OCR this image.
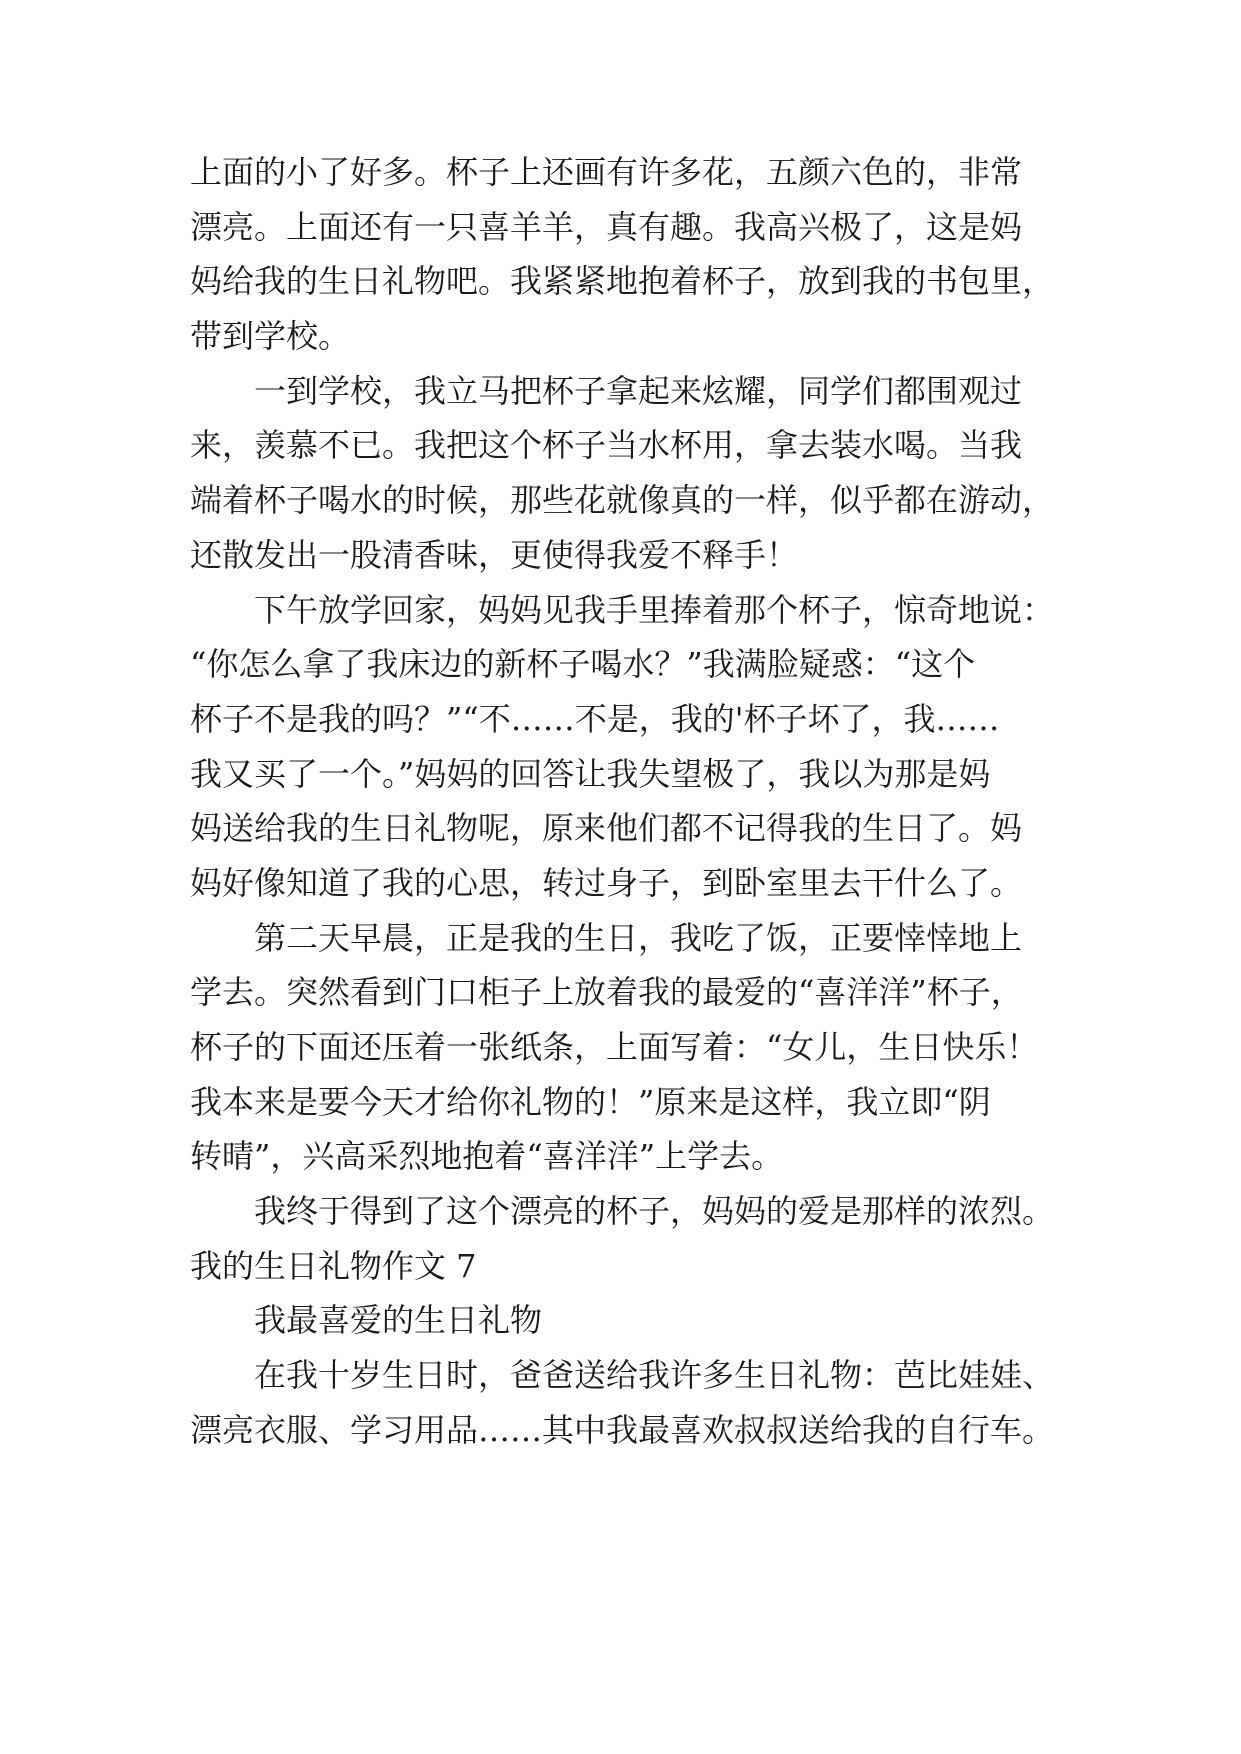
上面的小了好多。杯子上还画有许多花，五颜六色的，非常
漂亮。上面还有一只喜羊羊，真有趣。我高兴极了，这是妈
妈给我的生日礼物吧。我紧紧地抱着杯子，放到我的书包里，
带到学校。
一到学校，我立马把杯子拿起来炫耀，同学们都围观过
来，羡慕不已。我把这个杯子当水杯用，拿去装水喝。当我
端着杯子喝水的时候，那些花就像真的一样，似乎都在游动，
还散发出一股清香味，更使得我爱不释手！
下午放学回家，妈妈见我手里捧着那个杯子，惊奇地说：
“你怎么拿了我床边的新杯子喝水？”我满脸疑惑：“这个
杯子不是我的吗？”“不……不是，我的'杯子坏了，我……
我又买了一个。”妈妈的回答让我失望极了，我以为那是妈
妈送给我的生日礼物呢，原来他们都不记得我的生日了。妈
妈好像知道了我的心思，转过身子，到卧室里去干什么了。
第二天早晨，正是我的生日，我吃了饭，正要悻悻地上
学去。突然看到门口柜子上放着我的最爱的“喜洋洋”杯子，
杯子的下面还压着一张纸条，上面写着：“女儿，生日快乐！
我本来是要今天才给你礼物的！”原来是这样，我立即“阴
转晴”，兴高采烈地抱着“喜洋洋”上学去。
我终于得到了这个漂亮的杯子，妈妈的爱是那样的浓烈。
我的生日礼物作文 7
我最喜爱的生日礼物
在我十岁生日时，爸爸送给我许多生日礼物：芭比娃娃、
漂亮衣服、学习用品……其中我最喜欢叔叔送给我的自行车。
